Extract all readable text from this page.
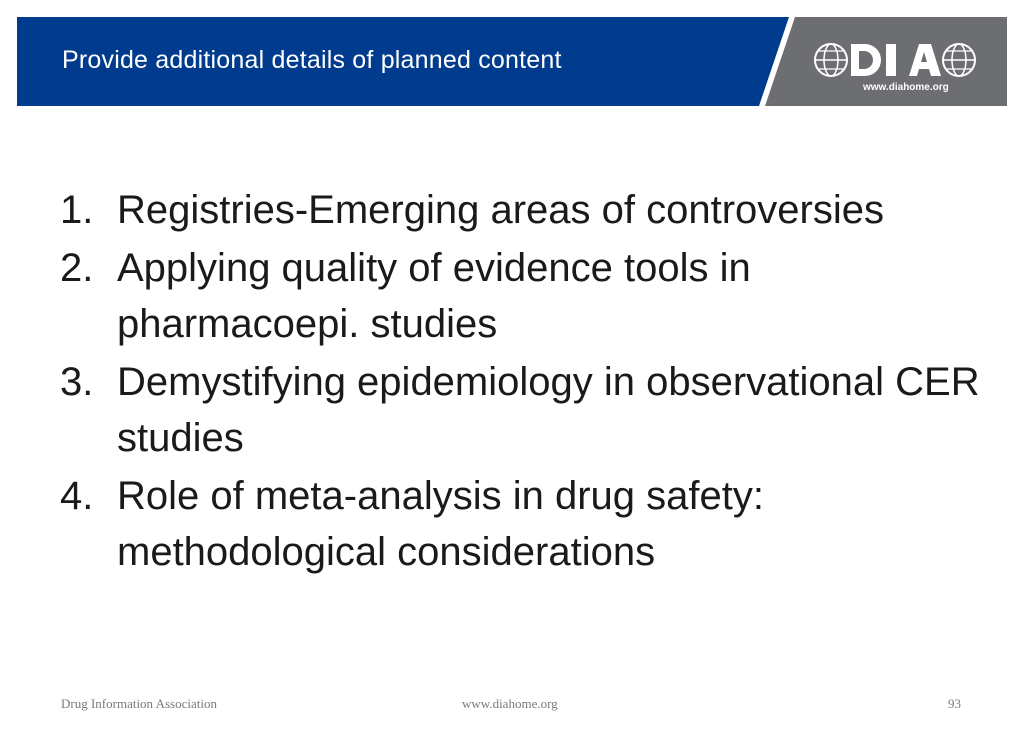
Provide additional details of planned content
www.diahome.org
1. Registries-Emerging areas of controversies
2. Applying quality of evidence tools in pharmacoepi. studies
3. Demystifying epidemiology in observational CER studies
4. Role of meta-analysis in drug safety: methodological considerations
Drug Information Association	www.diahome.org	93
